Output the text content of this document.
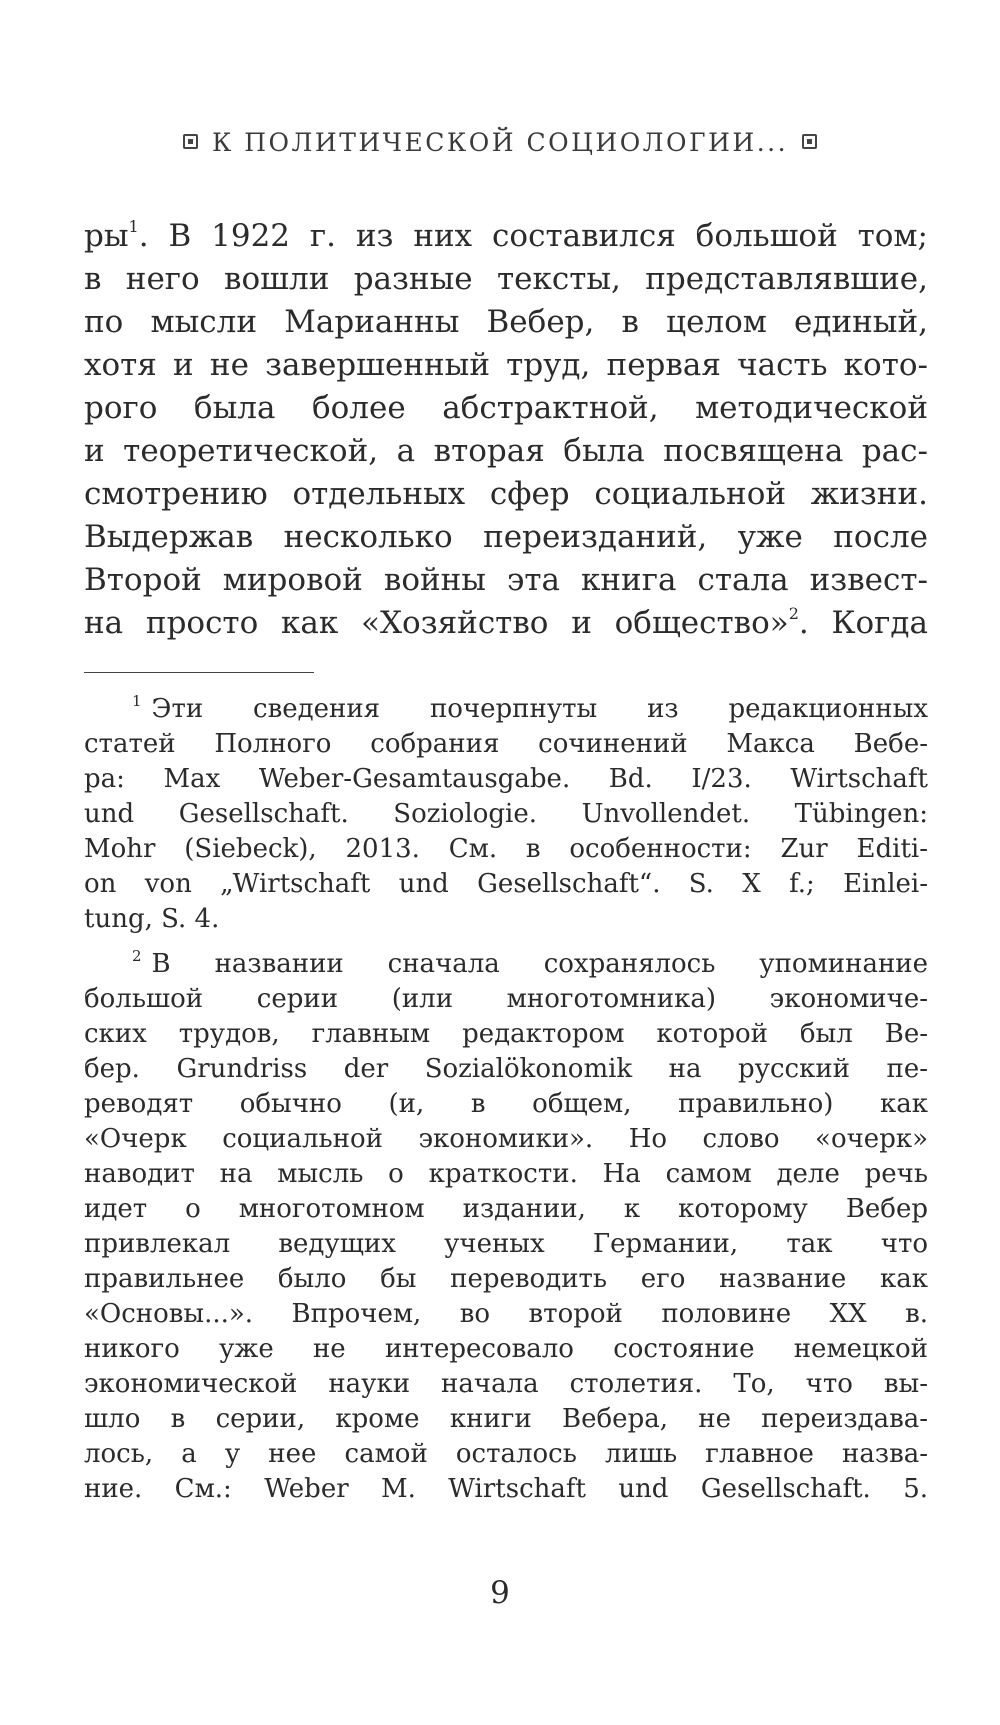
К ПОЛИТИЧЕСКОЙ СОЦИОЛОГИИ...
ры$^1$. В 1922 г. из них составился большой том;
в него вошли разные тексты, представлявшие,
по мысли Марианны Вебер, в целом единый,
хотя и не завершенный труд, первая часть кото-
рого была более абстрактной, методической
и теоретической, а вторая была посвящена рас-
смотрению отдельных сфер социальной жизни.
Выдержав несколько переизданий, уже после
Второй мировой войны эта книга стала извест-
на просто как «Хозяйство и общество»$^2$. Когда
$^1$ Эти сведения почерпнуты из редакционных
статей Полного собрания сочинений Макса Вебе-
ра: Max Weber-Gesamtausgabe. Bd. I/23. Wirtschaft
und Gesellschaft. Soziologie. Unvollendet. Tübingen:
Mohr (Siebeck), 2013. См. в особенности: Zur Editi-
on von „Wirtschaft und Gesellschaft“. S. X f.; Einlei-
tung, S. 4.
$^2$ В названии сначала сохранялось упоминание
большой серии (или многотомника) экономиче-
ских трудов, главным редактором которой был Ве-
бер. Grundriss der Sozialökonomik на русский пе-
реводят обычно (и, в общем, правильно) как
«Очерк социальной экономики». Но слово «очерк»
наводит на мысль о краткости. На самом деле речь
идет о многотомном издании, к которому Вебер
привлекал ведущих ученых Германии, так что
правильнее было бы переводить его название как
«Основы...». Впрочем, во второй половине XX в.
никого уже не интересовало состояние немецкой
экономической науки начала столетия. То, что вы-
шло в серии, кроме книги Вебера, не переиздава-
лось, а у нее самой осталось лишь главное назва-
ние. См.: Weber M. Wirtschaft und Gesellschaft. 5.
9
